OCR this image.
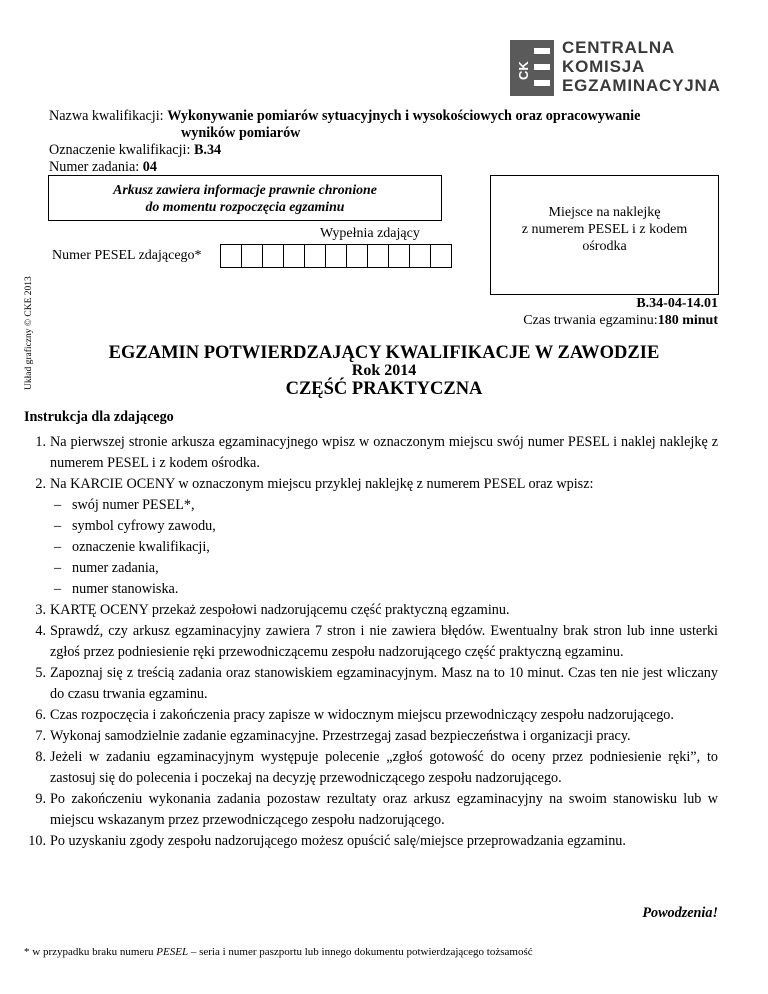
CK
CENTRALNA
KOMISJA
EGZAMINACYJNA
Nazwa kwalifikacji: Wykonywanie pomiarów sytuacyjnych i wysokościowych oraz opracowywanie
wyników pomiarów
Oznaczenie kwalifikacji: B.34
Numer zadania: 04
Arkusz zawiera informacje prawnie chronione
do momentu rozpoczęcia egzaminu
Wypełnia zdający
Numer PESEL zdającego*
Miejsce na naklejkę
z numerem PESEL i z kodem
ośrodka
Układ graficzny © CKE 2013	B.34-04-14.01
Czas trwania egzaminu:180 minut
EGZAMIN POTWIERDZAJĄCY KWALIFIKACJE W ZAWODZIE
Rok 2014
CZĘŚĆ PRAKTYCZNA
Instrukcja dla zdającego
1. Na pierwszej stronie arkusza egzaminacyjnego wpisz w oznaczonym miejscu swój numer PESEL i naklej naklejkę z numerem PESEL i z kodem ośrodka.
2. Na KARCIE OCENY w oznaczonym miejscu przyklej naklejkę z numerem PESEL oraz wpisz:
– swój numer PESEL*,
– symbol cyfrowy zawodu,
– oznaczenie kwalifikacji,
– numer zadania,
– numer stanowiska.
3. KARTĘ OCENY przekaż zespołowi nadzorującemu część praktyczną egzaminu.
4. Sprawdź, czy arkusz egzaminacyjny zawiera 7 stron i nie zawiera błędów. Ewentualny brak stron lub inne usterki zgłoś przez podniesienie ręki przewodniczącemu zespołu nadzorującego część praktyczną egzaminu.
5. Zapoznaj się z treścią zadania oraz stanowiskiem egzaminacyjnym. Masz na to 10 minut. Czas ten nie jest wliczany do czasu trwania egzaminu.
6. Czas rozpoczęcia i zakończenia pracy zapisze w widocznym miejscu przewodniczący zespołu nadzorującego.
7. Wykonaj samodzielnie zadanie egzaminacyjne. Przestrzegaj zasad bezpieczeństwa i organizacji pracy.
8. Jeżeli w zadaniu egzaminacyjnym występuje polecenie „zgłoś gotowość do oceny przez podniesienie ręki”, to zastosuj się do polecenia i poczekaj na decyzję przewodniczącego zespołu nadzorującego.
9. Po zakończeniu wykonania zadania pozostaw rezultaty oraz arkusz egzaminacyjny na swoim stanowisku lub w miejscu wskazanym przez przewodniczącego zespołu nadzorującego.
10. Po uzyskaniu zgody zespołu nadzorującego możesz opuścić salę/miejsce przeprowadzania egzaminu.
Powodzenia!
* w przypadku braku numeru PESEL – seria i numer paszportu lub innego dokumentu potwierdzającego tożsamość
